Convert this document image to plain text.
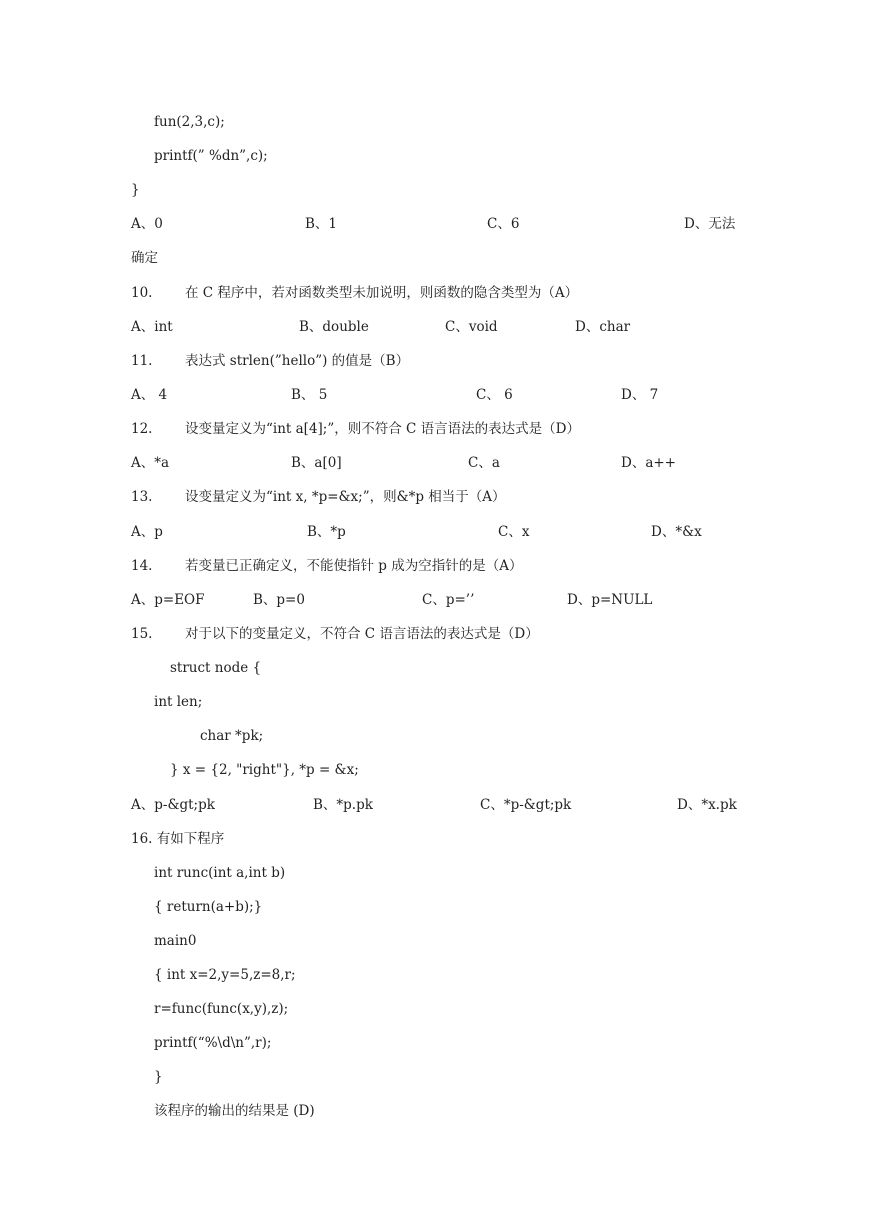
fun(2,3,c);
printf(” %dn”,c);
}
A、0	B、1	C、6	D、无法
确定
10. 在 C 程序中，若对函数类型未加说明，则函数的隐含类型为（A）
A、int	B、double	C、void	D、char
11. 表达式 strlen(”hello”) 的值是（B）
A、 4	B、 5	C、 6	D、 7
12. 设变量定义为“int a[4];”，则不符合 C 语言语法的表达式是（D）
A、*a	B、a[0]	C、a	D、a++
13. 设变量定义为“int x, *p=&x;”，则&*p 相当于（A）
A、p	B、*p	C、x	D、*&x
14. 若变量已正确定义，不能使指针 p 成为空指针的是（A）
A、p=EOF	B、p=0	C、p=’’	D、p=NULL
15. 对于以下的变量定义，不符合 C 语言语法的表达式是（D）
struct node {
int len;
char *pk;
} x = {2, "right"}, *p = &x;
A、p-&gt;pk	B、*p.pk	C、*p-&gt;pk	D、*x.pk
16. 有如下程序
int runc(int a,int b)
{ return(a+b);}
main0
{ int x=2,y=5,z=8,r;
r=func(func(x,y),z);
printf(“%\d\n”,r);
}
该程序的输出的结果是 (D)
